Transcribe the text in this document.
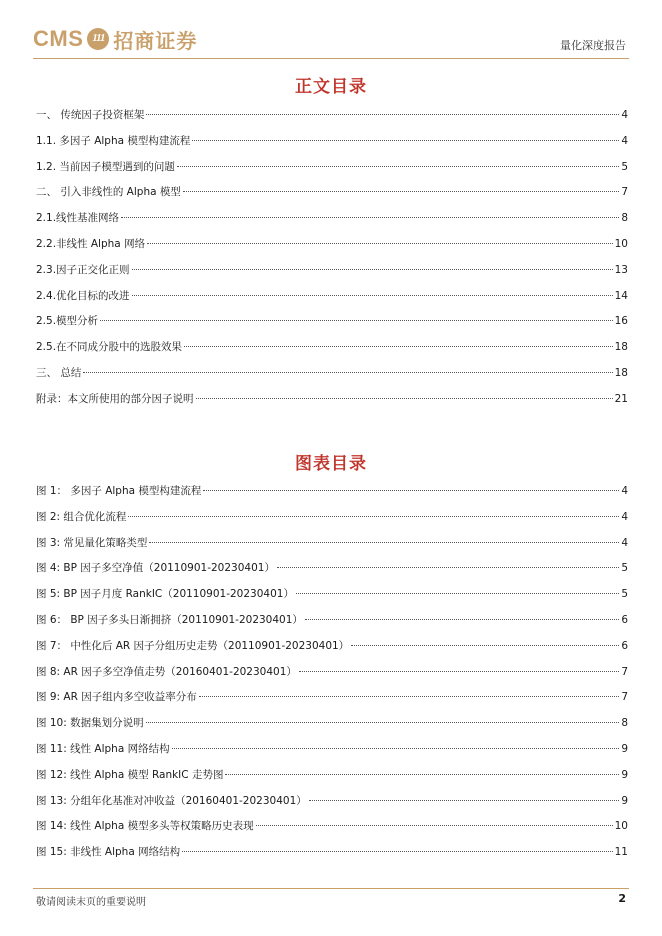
CMS 111 招商证券	量化深度报告
正文目录
一、 传统因子投资框架	4
1.1. 多因子 Alpha 模型构建流程	4
1.2. 当前因子模型遇到的问题	5
二、 引入非线性的 Alpha 模型	7
2.1.线性基准网络	8
2.2.非线性 Alpha 网络	10
2.3.因子正交化正则	13
2.4.优化目标的改进	14
2.5.模型分析	16
2.5.在不同成分股中的选股效果	18
三、 总结	18
附录：本文所使用的部分因子说明	21
图表目录
图 1： 多因子 Alpha 模型构建流程	4
图 2: 组合优化流程	4
图 3: 常见量化策略类型	4
图 4: BP 因子多空净值（20110901-20230401）	5
图 5: BP 因子月度 RankIC（20110901-20230401）	5
图 6： BP 因子多头日渐拥挤（20110901-20230401）	6
图 7： 中性化后 AR 因子分组历史走势（20110901-20230401）	6
图 8: AR 因子多空净值走势（20160401-20230401）	7
图 9: AR 因子组内多空收益率分布	7
图 10: 数据集划分说明	8
图 11: 线性 Alpha 网络结构	9
图 12: 线性 Alpha 模型 RankIC 走势图	9
图 13: 分组年化基准对冲收益（20160401-20230401）	9
图 14: 线性 Alpha 模型多头等权策略历史表现	10
图 15: 非线性 Alpha 网络结构	11
敬请阅读末页的重要说明	2
